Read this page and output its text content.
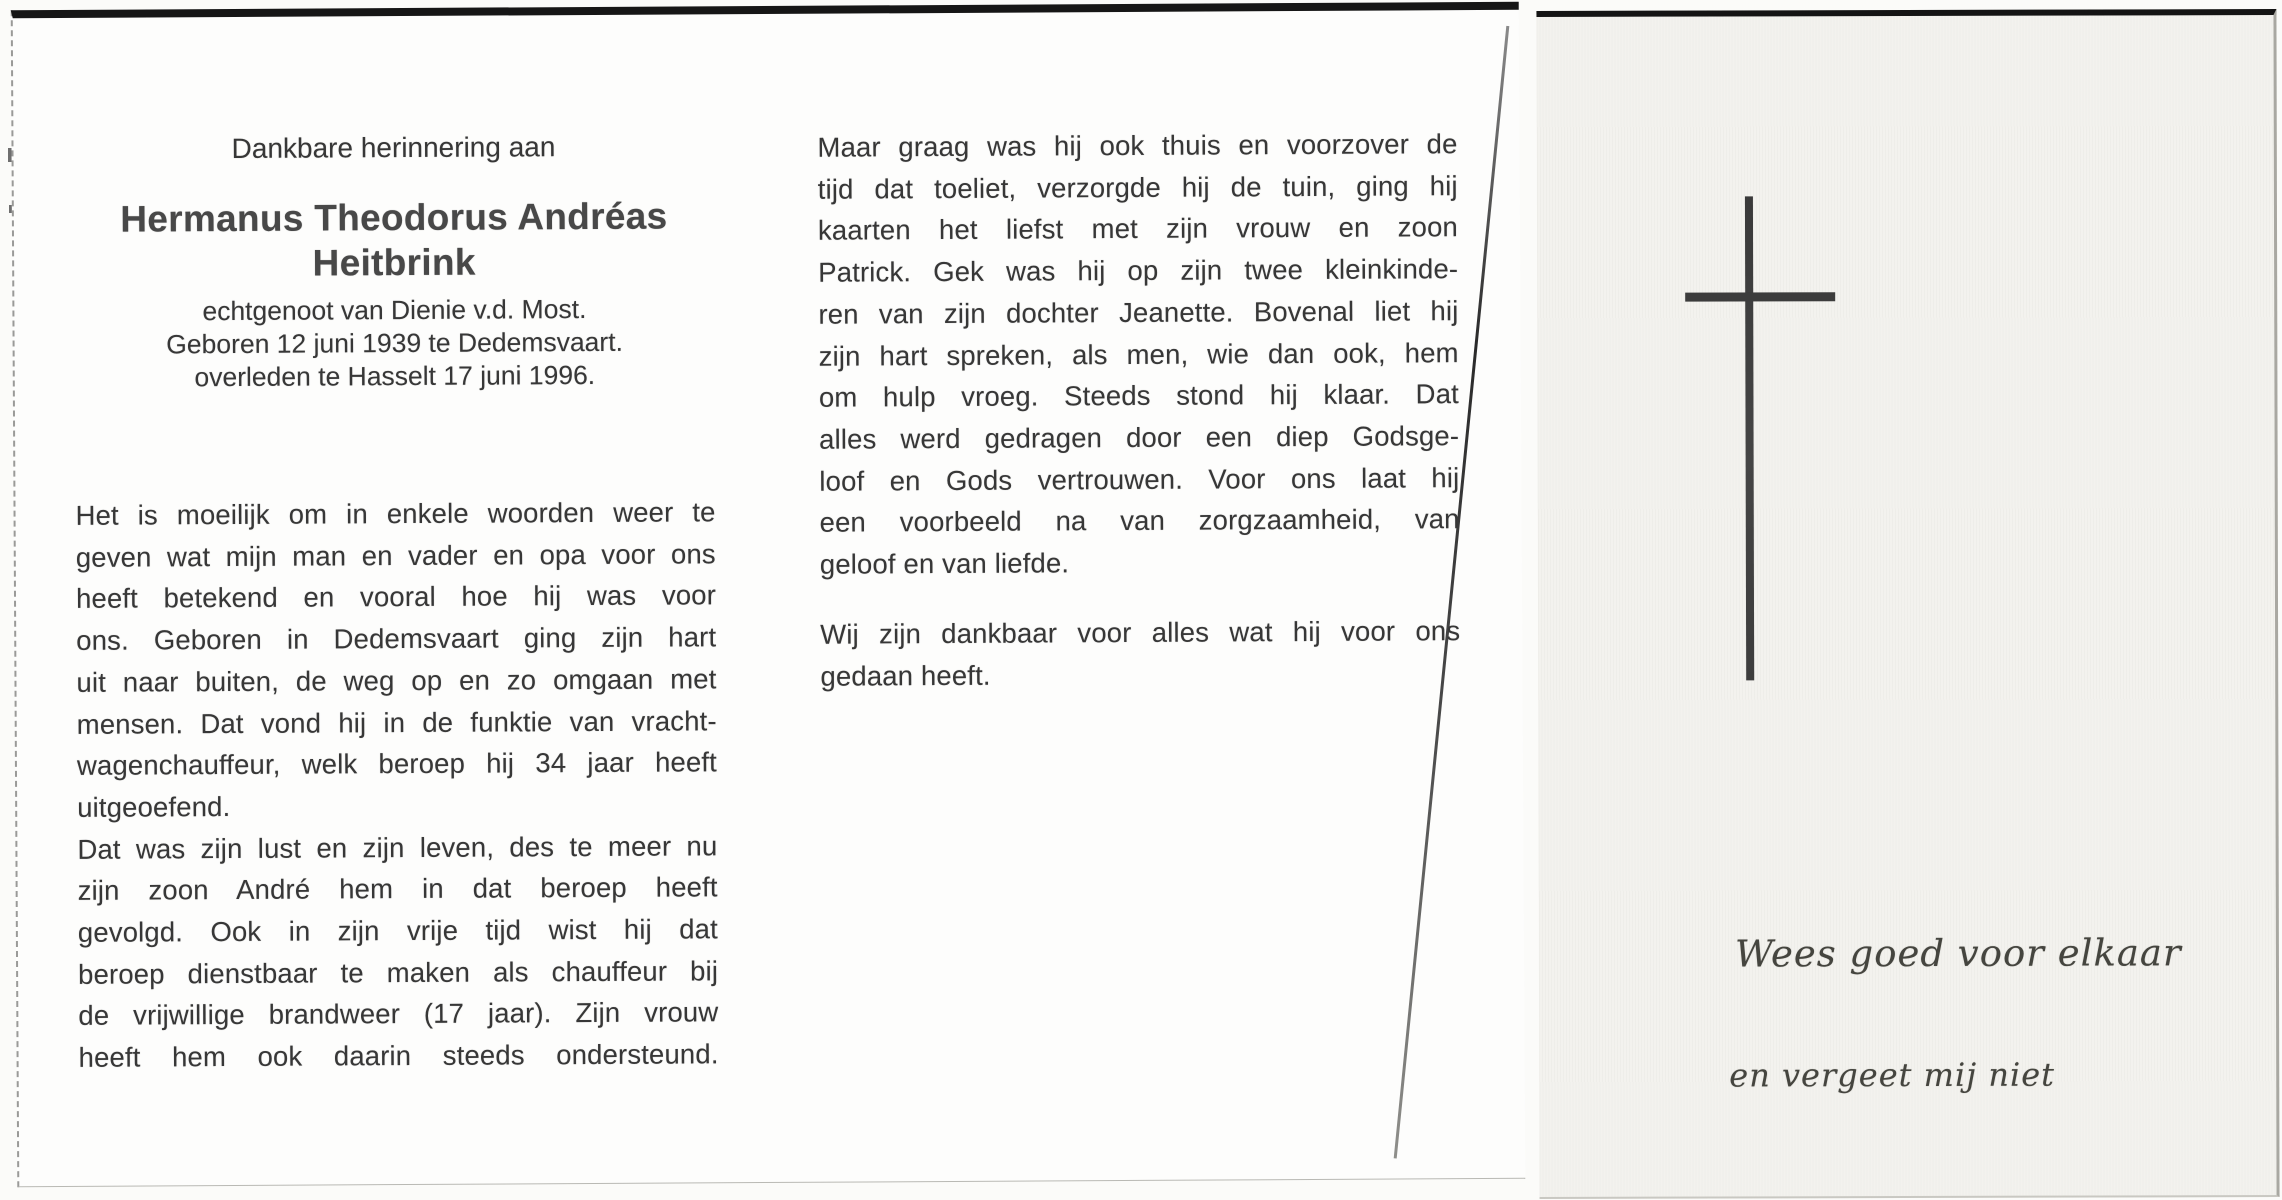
Dankbare herinnering aan
Hermanus Theodorus Andréas
Heitbrink
echtgenoot van Dienie v.d. Most.
Geboren 12 juni 1939 te Dedemsvaart.
overleden te Hasselt 17 juni 1996.
Het is moeilijk om in enkele woorden weer te
geven wat mijn man en vader en opa voor ons
heeft betekend en vooral hoe hij was voor
ons. Geboren in Dedemsvaart ging zijn hart
uit naar buiten, de weg op en zo omgaan met
mensen. Dat vond hij in de funktie van vracht-
wagenchauffeur, welk beroep hij 34 jaar heeft
uitgeoefend.
Dat was zijn lust en zijn leven, des te meer nu
zijn zoon André hem in dat beroep heeft
gevolgd. Ook in zijn vrije tijd wist hij dat
beroep dienstbaar te maken als chauffeur bij
de vrijwillige brandweer (17 jaar). Zijn vrouw
heeft hem ook daarin steeds ondersteund.
Maar graag was hij ook thuis en voorzover de
tijd dat toeliet, verzorgde hij de tuin, ging hij
kaarten het liefst met zijn vrouw en zoon
Patrick. Gek was hij op zijn twee kleinkinde-
ren van zijn dochter Jeanette. Bovenal liet hij
zijn hart spreken, als men, wie dan ook, hem
om hulp vroeg. Steeds stond hij klaar. Dat
alles werd gedragen door een diep Godsge-
loof en Gods vertrouwen. Voor ons laat hij
een voorbeeld na van zorgzaamheid, van
geloof en van liefde.
Wij zijn dankbaar voor alles wat hij voor ons
gedaan heeft.
Wees goed voor elkaar
en vergeet mij niet
